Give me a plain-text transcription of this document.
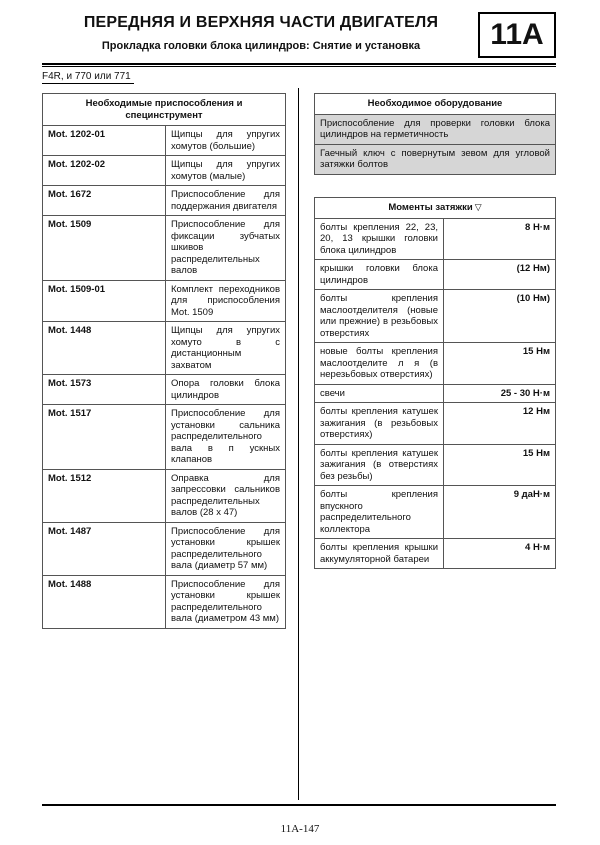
ПЕРЕДНЯЯ И ВЕРХНЯЯ ЧАСТИ ДВИГАТЕЛЯ
Прокладка головки блока цилиндров: Снятие и установка	11A
F4R, и 770 или 771
Необходимые приспособления и специнструмент	
Mot. 1202-01	Щипцы для упругих хомутов (большие)
Mot. 1202-02	Щипцы для упругих хомутов (малые)
Mot. 1672	Приспособление для поддержания двигателя
Mot. 1509	Приспособление для фиксации зубчатых шкивов распределительных валов
Mot. 1509-01	Комплект переходников для приспособления Mot. 1509
Mot. 1448	Щипцы для упругих хомуто в с дистанционным захватом
Mot. 1573	Опора головки блока цилиндров
Mot. 1517	Приспособление для установки сальника распределительного вала в п ускных клапанов
Mot. 1512	Оправка для запрессовки сальников распределительных валов (28 x 47)
Mot. 1487	Приспособление для установки крышек распределительного вала (диаметр 57 мм)
Mot. 1488	Приспособление для установки крышек распределительного вала (диаметром 43 мм)
Необходимое оборудование
Приспособление для проверки головки блока цилиндров на герметичность
Гаечный ключ с повернутым зевом для угловой затяжки болтов
Моменты затяжки ▽	
болты крепления 22, 23, 20, 13 крышки головки блока цилиндров	8 Н·м
крышки головки блока цилиндров	(12 Нм)
болты крепления маслоотделителя (новые или прежние) в резьбовых отверстиях	(10 Нм)
новые болты крепления маслоотделите л я (в нерезьбовых отверстиях)	15 Нм
свечи	25 - 30 Н·м
болты крепления катушек зажигания (в резьбовых отверстиях)	12 Нм
болты крепления катушек зажигания (в отверстиях без резьбы)	15 Нм
болты крепления впускного распределительного коллектора	9 даН·м
болты крепления крышки аккумуляторной батареи	4 Н·м
11A-147
